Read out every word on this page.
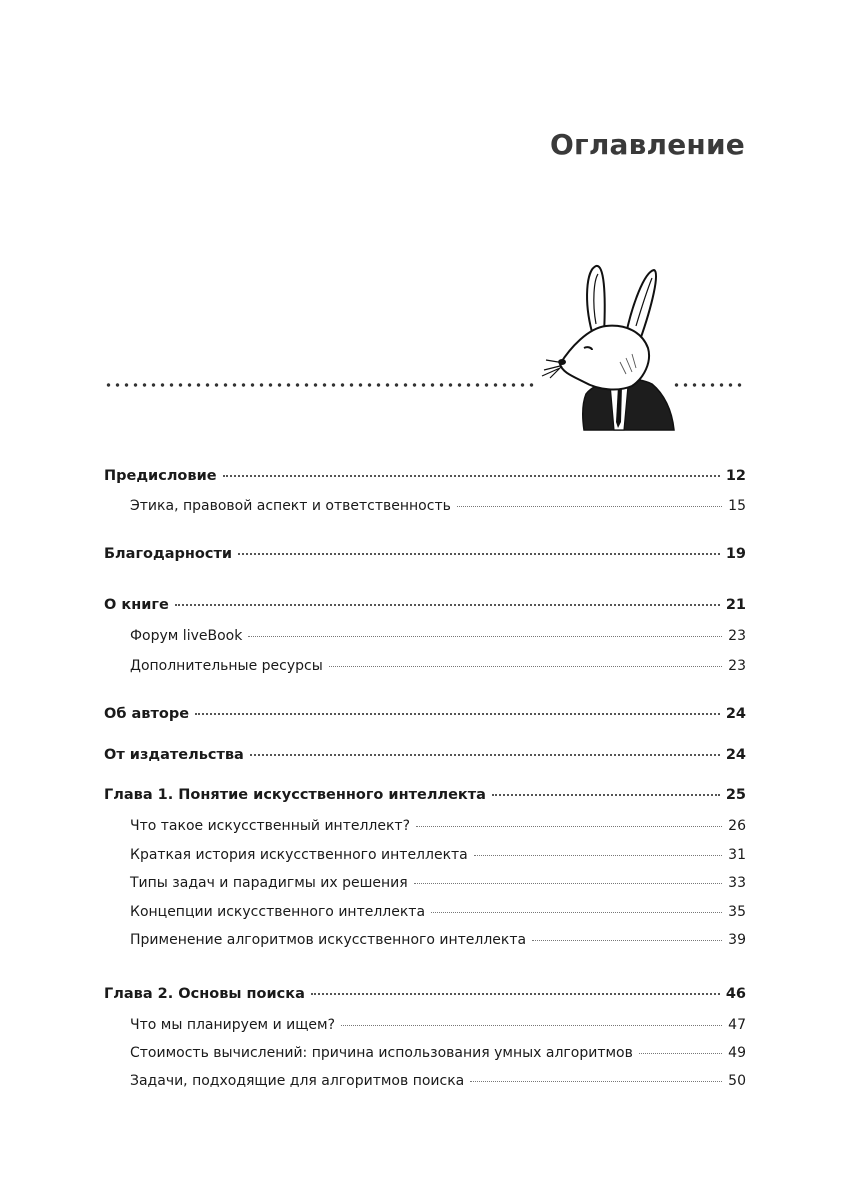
Оглавление
Предисловие	12
Этика, правовой аспект и ответственность	15
Благодарности	19
О книге	21
Форум liveBook	23
Дополнительные ресурсы	23
Об авторе	24
От издательства	24
Глава 1. Понятие искусственного интеллекта	25
Что такое искусственный интеллект?	26
Краткая история искусственного интеллекта	31
Типы задач и парадигмы их решения	33
Концепции искусственного интеллекта	35
Применение алгоритмов искусственного интеллекта	39
Глава 2. Основы поиска	46
Что мы планируем и ищем?	47
Стоимость вычислений: причина использования умных алгоритмов	49
Задачи, подходящие для алгоритмов поиска	50
